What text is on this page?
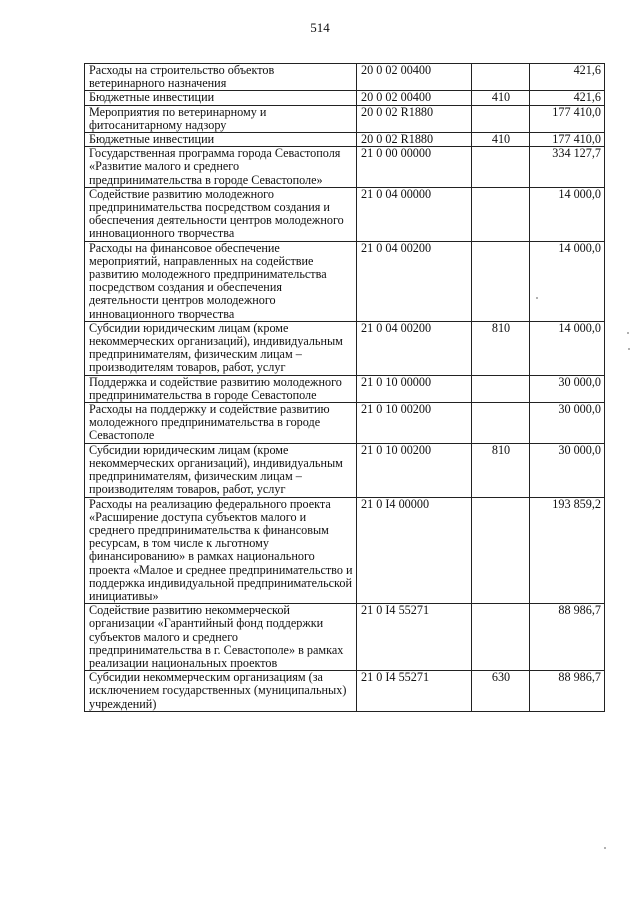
514
Расходы на строительство объектов ветеринарного назначения	20 0 02 00400		421,6
Бюджетные инвестиции	20 0 02 00400	410	421,6
Мероприятия по ветеринарному и фитосанитарному надзору	20 0 02 R1880		177 410,0
Бюджетные инвестиции	20 0 02 R1880	410	177 410,0
Государственная программа города Севастополя «Развитие малого и среднего предпринимательства в городе Севастополе»	21 0 00 00000		334 127,7
Содействие развитию молодежного предпринимательства посредством создания и обеспечения деятельности центров молодежного инновационного творчества	21 0 04 00000		14 000,0
Расходы на финансовое обеспечение мероприятий, направленных на содействие развитию молодежного предпринимательства посредством создания и обеспечения деятельности центров молодежного инновационного творчества	21 0 04 00200		14 000,0
Субсидии юридическим лицам (кроме некоммерческих организаций), индивидуальным предпринимателям, физическим лицам – производителям товаров, работ, услуг	21 0 04 00200	810	14 000,0
Поддержка и содействие развитию молодежного предпринимательства в городе Севастополе	21 0 10 00000		30 000,0
Расходы на поддержку и содействие развитию молодежного предпринимательства в городе Севастополе	21 0 10 00200		30 000,0
Субсидии юридическим лицам (кроме некоммерческих организаций), индивидуальным предпринимателям, физическим лицам – производителям товаров, работ, услуг	21 0 10 00200	810	30 000,0
Расходы на реализацию федерального проекта «Расширение доступа субъектов малого и среднего предпринимательства к финансовым ресурсам, в том числе к льготному финансированию» в рамках национального проекта «Малое и среднее предпринимательство и поддержка индивидуальной предпринимательской инициативы»	21 0 I4 00000		193 859,2
Содействие развитию некоммерческой организации «Гарантийный фонд поддержки субъектов малого и среднего предпринимательства в г. Севастополе» в рамках реализации национальных проектов	21 0 I4 55271		88 986,7
Субсидии некоммерческим организациям (за исключением государственных (муниципальных) учреждений)	21 0 I4 55271	630	88 986,7
